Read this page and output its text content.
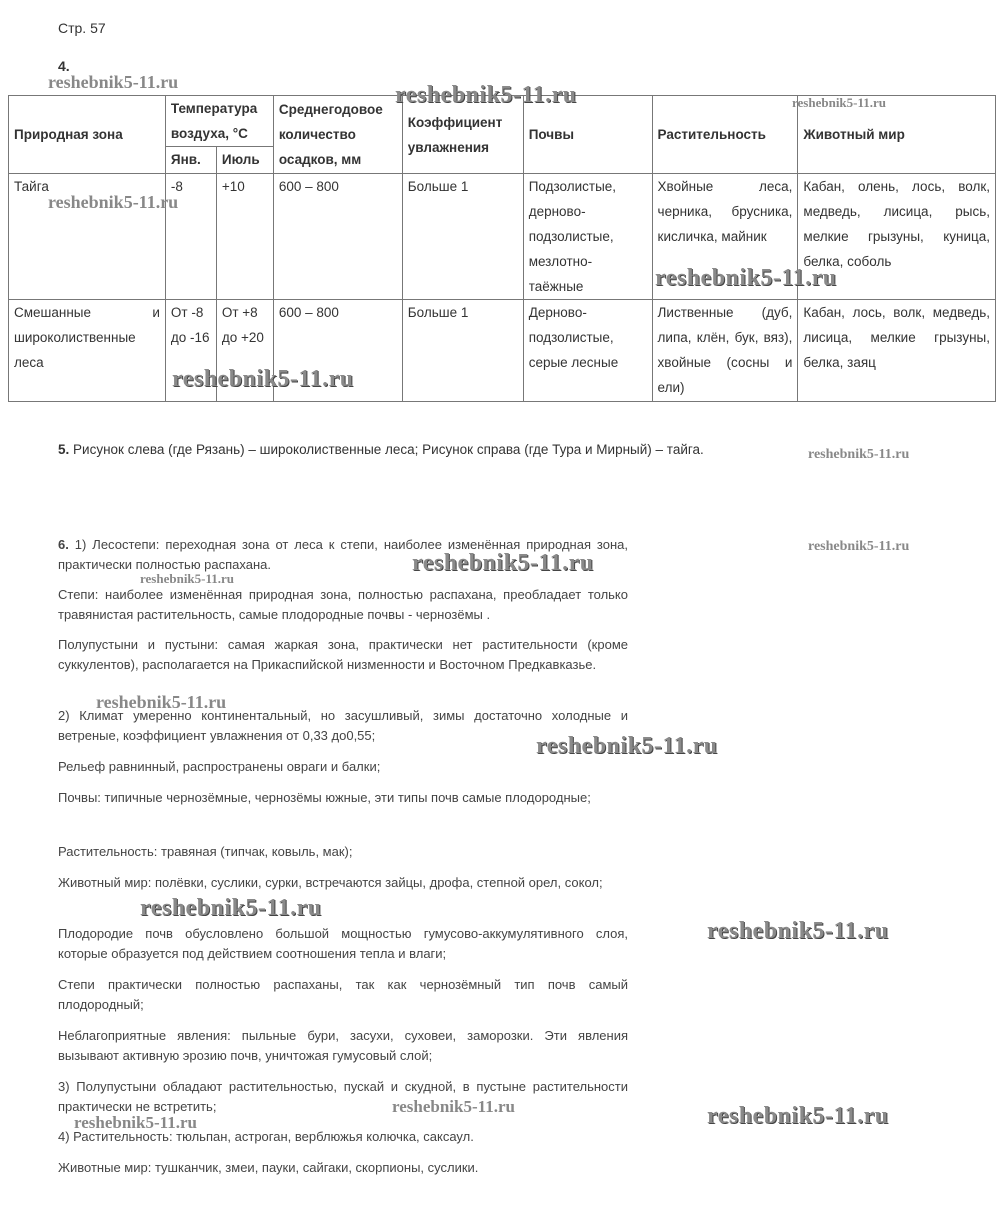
Стр. 57
4.
Природная зона	Температура воздуха, °С		Среднегодовое количество осадков, мм	Коэффициент увлажнения	Почвы	Растительность	Животный мир
	Янв.	Июль					
Тайга	-8	+10	600 – 800	Больше 1	Подзолистые, дерново-подзолистые, мезлотно-таёжные	Хвойные леса, черника, брусника, кисличка, майник	Кабан, олень, лось, волк, медведь, лисица, рысь, мелкие грызуны, куница, белка, соболь
Смешанные и широколиственные леса	От -8 до -16	От +8 до +20	600 – 800	Больше 1	Дерново-подзолистые, серые лесные	Лиственные (дуб, липа, клён, бук, вяз), хвойные (сосны и ели)	Кабан, лось, волк, медведь, лисица, мелкие грызуны, белка, заяц
5. Рисунок слева (где Рязань) – широколиственные леса; Рисунок справа (где Тура и Мирный) – тайга.
6. 1) Лесостепи: переходная зона от леса к степи, наиболее изменённая природная зона, практически полностью распахана.
Степи: наиболее изменённая природная зона, полностью распахана, преобладает только травянистая растительность, самые плодородные почвы - чернозёмы .
Полупустыни и пустыни: самая жаркая зона, практически нет растительности (кроме суккулентов), располагается на Прикаспийской низменности и Восточном Предкавказье.
2) Климат умеренно континентальный, но засушливый, зимы достаточно холодные и ветреные, коэффициент увлажнения от 0,33 до0,55;
Рельеф равнинный, распространены овраги и балки;
Почвы: типичные чернозёмные, чернозёмы южные, эти типы почв самые плодородные;
Растительность: травяная (типчак, ковыль, мак);
Животный мир: полёвки, суслики, сурки, встречаются зайцы, дрофа, степной орел, сокол;
Плодородие почв обусловлено большой мощностью гумусово-аккумулятивного слоя, которые образуется под действием соотношения тепла и влаги;
Степи практически полностью распаханы, так как чернозёмный тип почв самый плодородный;
Неблагоприятные явления: пыльные бури, засухи, суховеи, заморозки. Эти явления вызывают активную эрозию почв, уничтожая гумусовый слой;
3) Полупустыни обладают растительностью, пускай и скудной, в пустыне растительности практически не встретить;
4) Растительность: тюльпан, астроган, верблюжья колючка, саксаул.
Животные мир: тушканчик, змеи, пауки, сайгаки, скорпионы, суслики.
reshebnik5-11.ru	reshebnik5-11.ru	reshebnik5-11.ru
reshebnik5-11.ru
reshebnik5-11.ru
reshebnik5-11.ru
reshebnik5-11.ru
reshebnik5-11.ru
reshebnik5-11.ru
reshebnik5-11.ru
reshebnik5-11.ru
reshebnik5-11.ru
reshebnik5-11.ru
reshebnik5-11.ru
reshebnik5-11.ru	reshebnik5-11.ru
reshebnik5-11.ru
